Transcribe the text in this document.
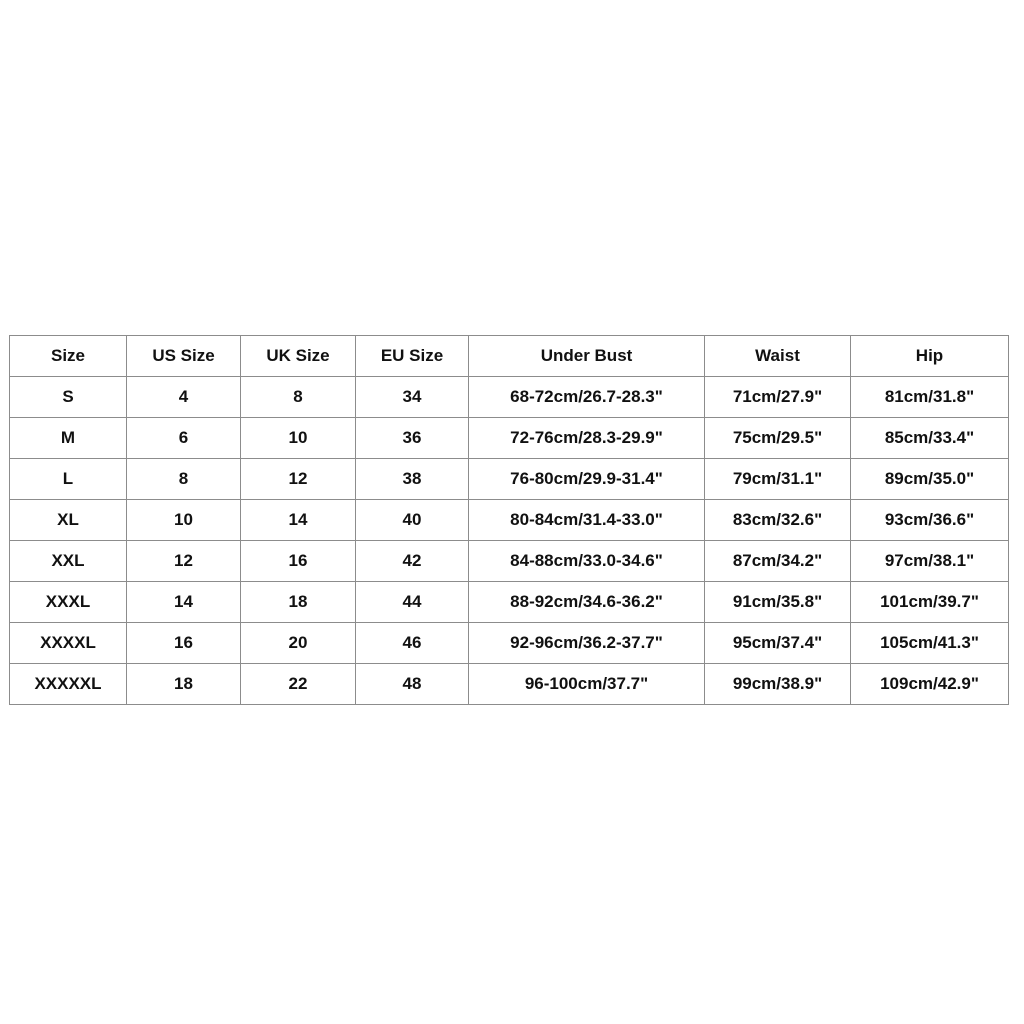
Size	US Size	UK Size	EU Size	Under Bust	Waist	Hip
S	4	8	34	68-72cm/26.7-28.3"	71cm/27.9"	81cm/31.8"
M	6	10	36	72-76cm/28.3-29.9"	75cm/29.5"	85cm/33.4"
L	8	12	38	76-80cm/29.9-31.4"	79cm/31.1"	89cm/35.0"
XL	10	14	40	80-84cm/31.4-33.0"	83cm/32.6"	93cm/36.6"
XXL	12	16	42	84-88cm/33.0-34.6"	87cm/34.2"	97cm/38.1"
XXXL	14	18	44	88-92cm/34.6-36.2"	91cm/35.8"	101cm/39.7"
XXXXL	16	20	46	92-96cm/36.2-37.7"	95cm/37.4"	105cm/41.3"
XXXXXL	18	22	48	96-100cm/37.7"	99cm/38.9"	109cm/42.9"
